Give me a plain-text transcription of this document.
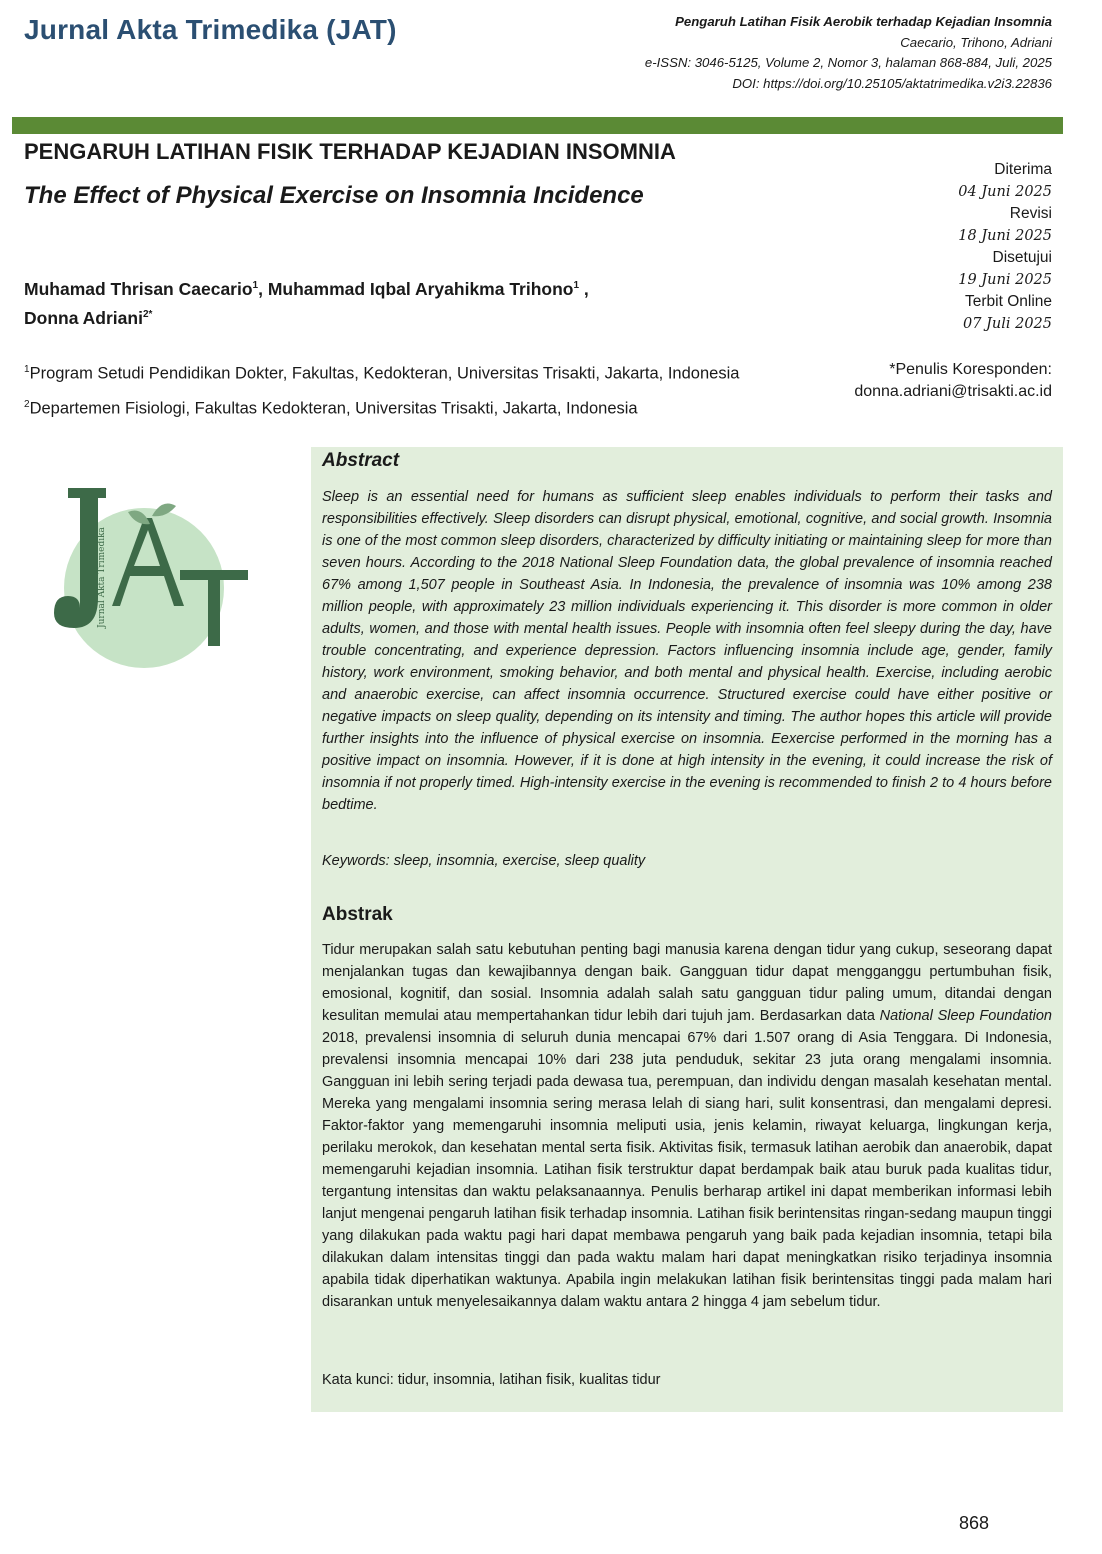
Jurnal Akta Trimedika (JAT)	Pengaruh Latihan Fisik Aerobik terhadap Kejadian Insomnia
Caecario, Trihono, Adriani
e-ISSN: 3046-5125, Volume 2, Nomor 3, halaman 868-884, Juli, 2025
DOI: https://doi.org/10.25105/aktatrimedika.v2i3.22836
PENGARUH LATIHAN FISIK TERHADAP KEJADIAN INSOMNIA
The Effect of Physical Exercise on Insomnia Incidence
Diterima
04 Juni 2025
Revisi
18 Juni 2025
Disetujui
19 Juni 2025
Terbit Online
07 Juli 2025
Muhamad Thrisan Caecario$^1$, Muhammad Iqbal Aryahikma Trihono$^1$ ,
Donna Adriani$^{2*}$
$^1$Program Setudi Pendidikan Dokter, Fakultas, Kedokteran, Universitas Trisakti, Jakarta, Indonesia
$^2$Departemen Fisiologi, Fakultas Kedokteran, Universitas Trisakti, Jakarta, Indonesia
*Penulis Koresponden:
donna.adriani@trisakti.ac.id
Jurnal Akta Trimedika
Abstract
Sleep is an essential need for humans as sufficient sleep enables individuals to perform their tasks and responsibilities effectively. Sleep disorders can disrupt physical, emotional, cognitive, and social growth. Insomnia is one of the most common sleep disorders, characterized by difficulty initiating or maintaining sleep for more than seven hours. According to the 2018 National Sleep Foundation data, the global prevalence of insomnia reached 67% among 1,507 people in Southeast Asia. In Indonesia, the prevalence of insomnia was 10% among 238 million people, with approximately 23 million individuals experiencing it. This disorder is more common in older adults, women, and those with mental health issues. People with insomnia often feel sleepy during the day, have trouble concentrating, and experience depression. Factors influencing insomnia include age, gender, family history, work environment, smoking behavior, and both mental and physical health. Exercise, including aerobic and anaerobic exercise, can affect insomnia occurrence. Structured exercise could have either positive or negative impacts on sleep quality, depending on its intensity and timing. The author hopes this article will provide further insights into the influence of physical exercise on insomnia. Eexercise performed in the morning has a positive impact on insomnia. However, if it is done at high intensity in the evening, it could increase the risk of insomnia if not properly timed. High-intensity exercise in the evening is recommended to finish 2 to 4 hours before bedtime.
Keywords: sleep, insomnia, exercise, sleep quality
Abstrak
Tidur merupakan salah satu kebutuhan penting bagi manusia karena dengan tidur yang cukup, seseorang dapat menjalankan tugas dan kewajibannya dengan baik. Gangguan tidur dapat mengganggu pertumbuhan fisik, emosional, kognitif, dan sosial. Insomnia adalah salah satu gangguan tidur paling umum, ditandai dengan kesulitan memulai atau mempertahankan tidur lebih dari tujuh jam. Berdasarkan data National Sleep Foundation 2018, prevalensi insomnia di seluruh dunia mencapai 67% dari 1.507 orang di Asia Tenggara. Di Indonesia, prevalensi insomnia mencapai 10% dari 238 juta penduduk, sekitar 23 juta orang mengalami insomnia. Gangguan ini lebih sering terjadi pada dewasa tua, perempuan, dan individu dengan masalah kesehatan mental. Mereka yang mengalami insomnia sering merasa lelah di siang hari, sulit konsentrasi, dan mengalami depresi. Faktor-faktor yang memengaruhi insomnia meliputi usia, jenis kelamin, riwayat keluarga, lingkungan kerja, perilaku merokok, dan kesehatan mental serta fisik. Aktivitas fisik, termasuk latihan aerobik dan anaerobik, dapat memengaruhi kejadian insomnia. Latihan fisik terstruktur dapat berdampak baik atau buruk pada kualitas tidur, tergantung intensitas dan waktu pelaksanaannya. Penulis berharap artikel ini dapat memberikan informasi lebih lanjut mengenai pengaruh latihan fisik terhadap insomnia. Latihan fisik berintensitas ringan-sedang maupun tinggi yang dilakukan pada waktu pagi hari dapat membawa pengaruh yang baik pada kejadian insomnia, tetapi bila dilakukan dalam intensitas tinggi dan pada waktu malam hari dapat meningkatkan risiko terjadinya insomnia apabila tidak diperhatikan waktunya. Apabila ingin melakukan latihan fisik berintensitas tinggi pada malam hari disarankan untuk menyelesaikannya dalam waktu antara 2 hingga 4 jam sebelum tidur.
Kata kunci: tidur, insomnia, latihan fisik, kualitas tidur
868
